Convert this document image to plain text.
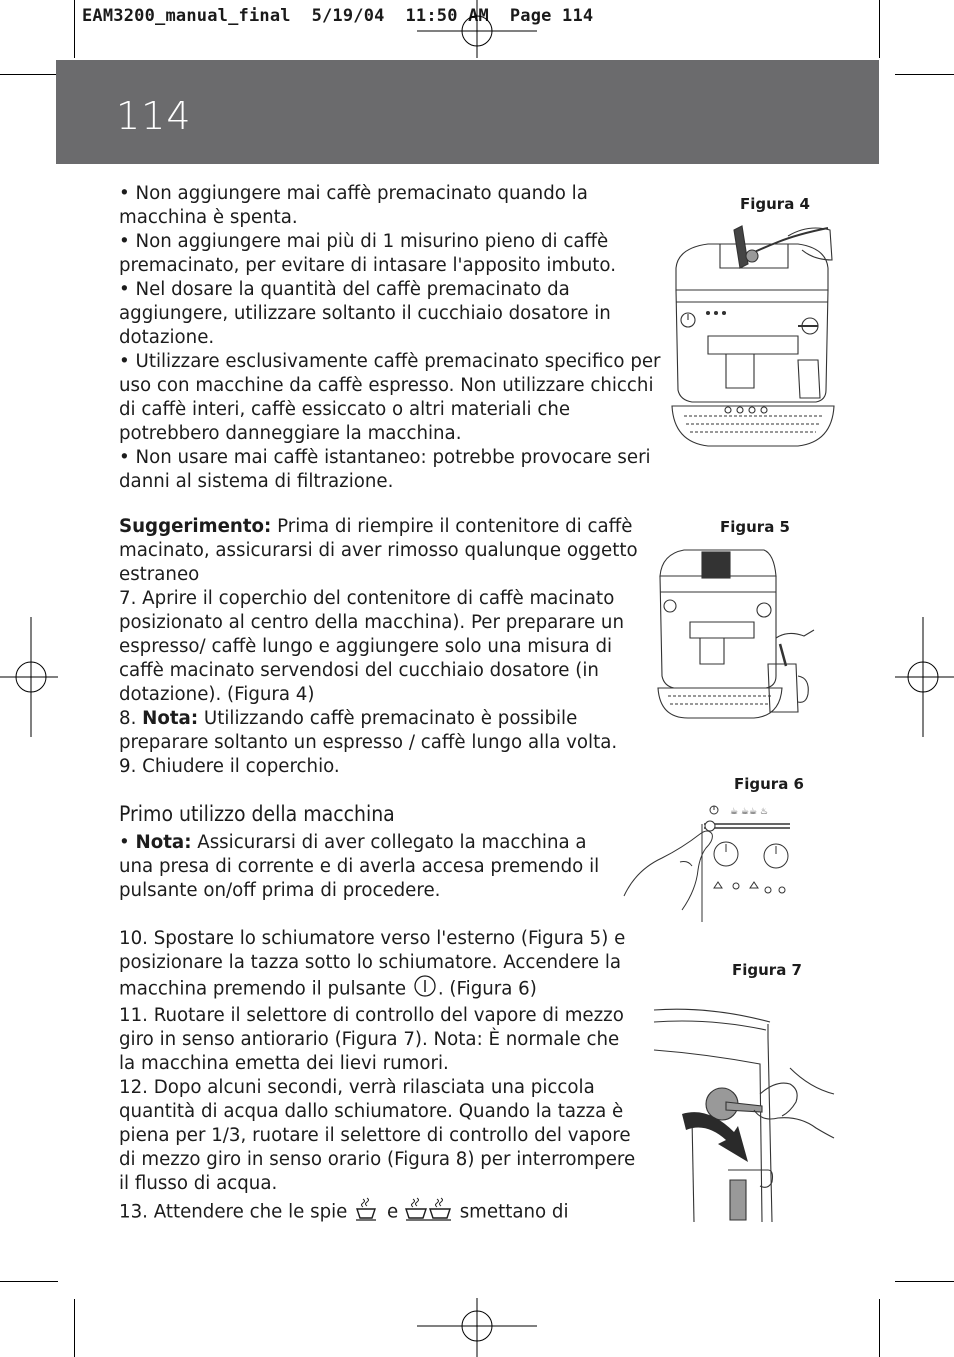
EAM3200_manual_final  5/19/04  11:50 AM  Page 114
114

• Non aggiungere mai caffè premacinato quando la macchina è spenta.

• Non aggiungere mai più di 1 misurino pieno di caffè premacinato, per evitare di intasare l'apposito imbuto.

• Nel dosare la quantità del caffè premacinato da aggiungere, utilizzare soltanto il cucchiaio dosatore in dotazione.

• Utilizzare esclusivamente caffè premacinato specifico per uso con macchine da caffè espresso. Non utilizzare chicchi di caffè interi, caffè essiccato o altri materiali che potrebbero danneggiare la macchina.

• Non usare mai caffè istantaneo: potrebbe provocare seri danni al sistema di filtrazione.

Suggerimento: Prima di riempire il contenitore di caffè macinato, assicurarsi di aver rimosso qualunque oggetto estraneo

7. Aprire il coperchio del contenitore di caffè macinato posizionato al centro della macchina). Per preparare un espresso/ caffè lungo e aggiungere solo una misura di caffè macinato servendosi del cucchiaio dosatore (in dotazione). (Figura 4)

8. Nota: Utilizzando caffè premacinato è possibile preparare soltanto un espresso / caffè lungo alla volta.

9. Chiudere il coperchio.

Primo utilizzo della macchina

• Nota: Assicurarsi di aver collegato la macchina a una presa di corrente e di averla accesa premendo il pulsante on/off prima di procedere.

10. Spostare lo schiumatore verso l'esterno (Figura 5) e posizionare la tazza sotto lo schiumatore. Accendere la macchina premendo il pulsante . (Figura 6)

11. Ruotare il selettore di controllo del vapore di mezzo giro in senso antiorario (Figura 7). Nota: È normale che la macchina emetta dei lievi rumori.

12. Dopo alcuni secondi, verrà rilasciata una piccola quantità di acqua dallo schiumatore. Quando la tazza è piena per 1/3, ruotare il selettore di controllo del vapore di mezzo giro in senso orario (Figura 8) per interrompere il flusso di acqua.

13. Attendere che le spie  e	smettano di

Figura 4
Figura 5
Figura 6
Figura 7
☕ ☕☕ ♨
